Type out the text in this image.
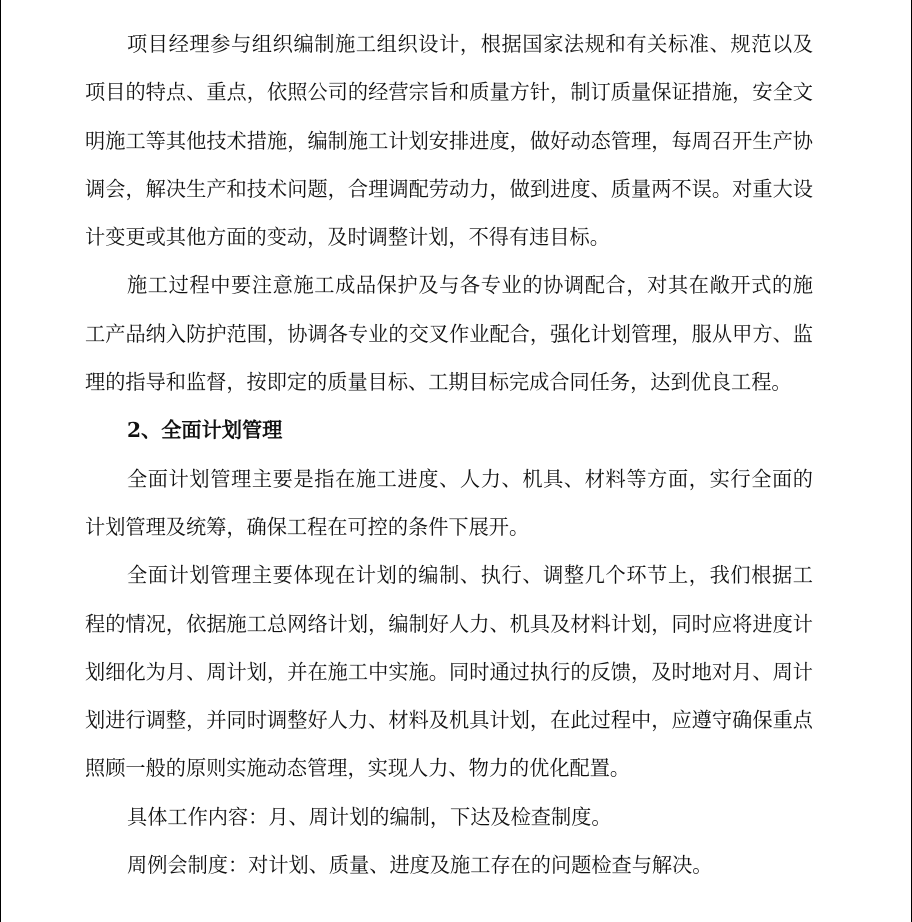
项目经理参与组织编制施工组织设计，根据国家法规和有关标准、规范以及项目的特点、重点，依照公司的经营宗旨和质量方针，制订质量保证措施，安全文明施工等其他技术措施，编制施工计划安排进度，做好动态管理，每周召开生产协调会，解决生产和技术问题，合理调配劳动力，做到进度、质量两不误。对重大设计变更或其他方面的变动，及时调整计划，不得有违目标。

施工过程中要注意施工成品保护及与各专业的协调配合，对其在敞开式的施工产品纳入防护范围，协调各专业的交叉作业配合，强化计划管理，服从甲方、监理的指导和监督，按即定的质量目标、工期目标完成合同任务，达到优良工程。

2、全面计划管理

全面计划管理主要是指在施工进度、人力、机具、材料等方面，实行全面的计划管理及统筹，确保工程在可控的条件下展开。

全面计划管理主要体现在计划的编制、执行、调整几个环节上，我们根据工程的情况，依据施工总网络计划，编制好人力、机具及材料计划，同时应将进度计划细化为月、周计划，并在施工中实施。同时通过执行的反馈，及时地对月、周计划进行调整，并同时调整好人力、材料及机具计划，在此过程中，应遵守确保重点照顾一般的原则实施动态管理，实现人力、物力的优化配置。

具体工作内容：月、周计划的编制，下达及检查制度。

周例会制度：对计划、质量、进度及施工存在的问题检查与解决。
